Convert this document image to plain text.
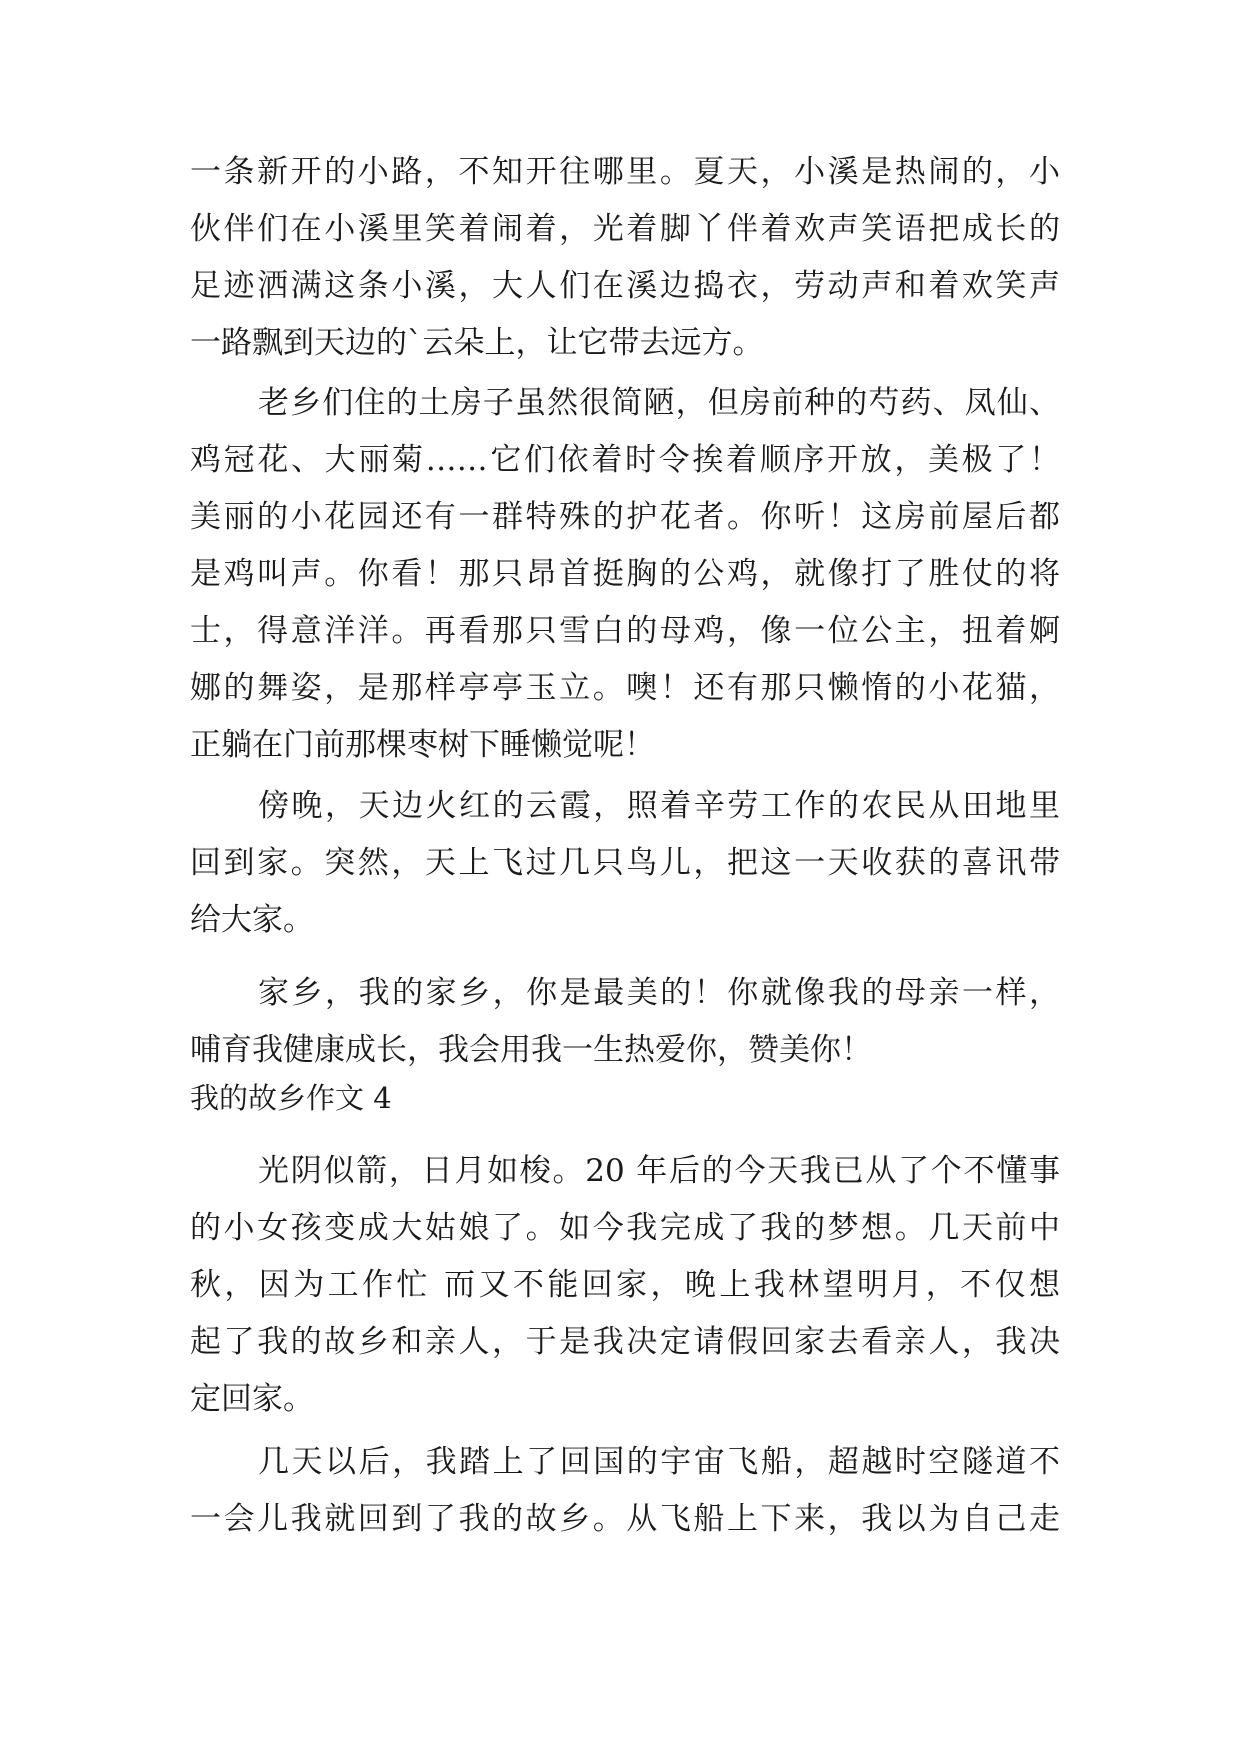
一条新开的小路，不知开往哪里。夏天，小溪是热闹的，小
伙伴们在小溪里笑着闹着，光着脚丫伴着欢声笑语把成长的
足迹洒满这条小溪，大人们在溪边捣衣，劳动声和着欢笑声
一路飘到天边的`云朵上，让它带去远方。
老乡们住的土房子虽然很简陋，但房前种的芍药、凤仙、
鸡冠花、大丽菊……它们依着时令挨着顺序开放，美极了！
美丽的小花园还有一群特殊的护花者。你听！这房前屋后都
是鸡叫声。你看！那只昂首挺胸的公鸡，就像打了胜仗的将
士，得意洋洋。再看那只雪白的母鸡，像一位公主，扭着婀
娜的舞姿，是那样亭亭玉立。噢！还有那只懒惰的小花猫，
正躺在门前那棵枣树下睡懒觉呢！
傍晚，天边火红的云霞，照着辛劳工作的农民从田地里
回到家。突然，天上飞过几只鸟儿，把这一天收获的喜讯带
给大家。
家乡，我的家乡，你是最美的！你就像我的母亲一样，
哺育我健康成长，我会用我一生热爱你，赞美你！
我的故乡作文 4
光阴似箭，日月如梭。20 年后的今天我已从了个不懂事
的小女孩变成大姑娘了。如今我完成了我的梦想。几天前中
秋，因为工作忙 而又不能回家，晚上我林望明月，不仅想
起了我的故乡和亲人，于是我决定请假回家去看亲人，我决
定回家。
几天以后，我踏上了回国的宇宙飞船，超越时空隧道不
一会儿我就回到了我的故乡。从飞船上下来，我以为自己走
